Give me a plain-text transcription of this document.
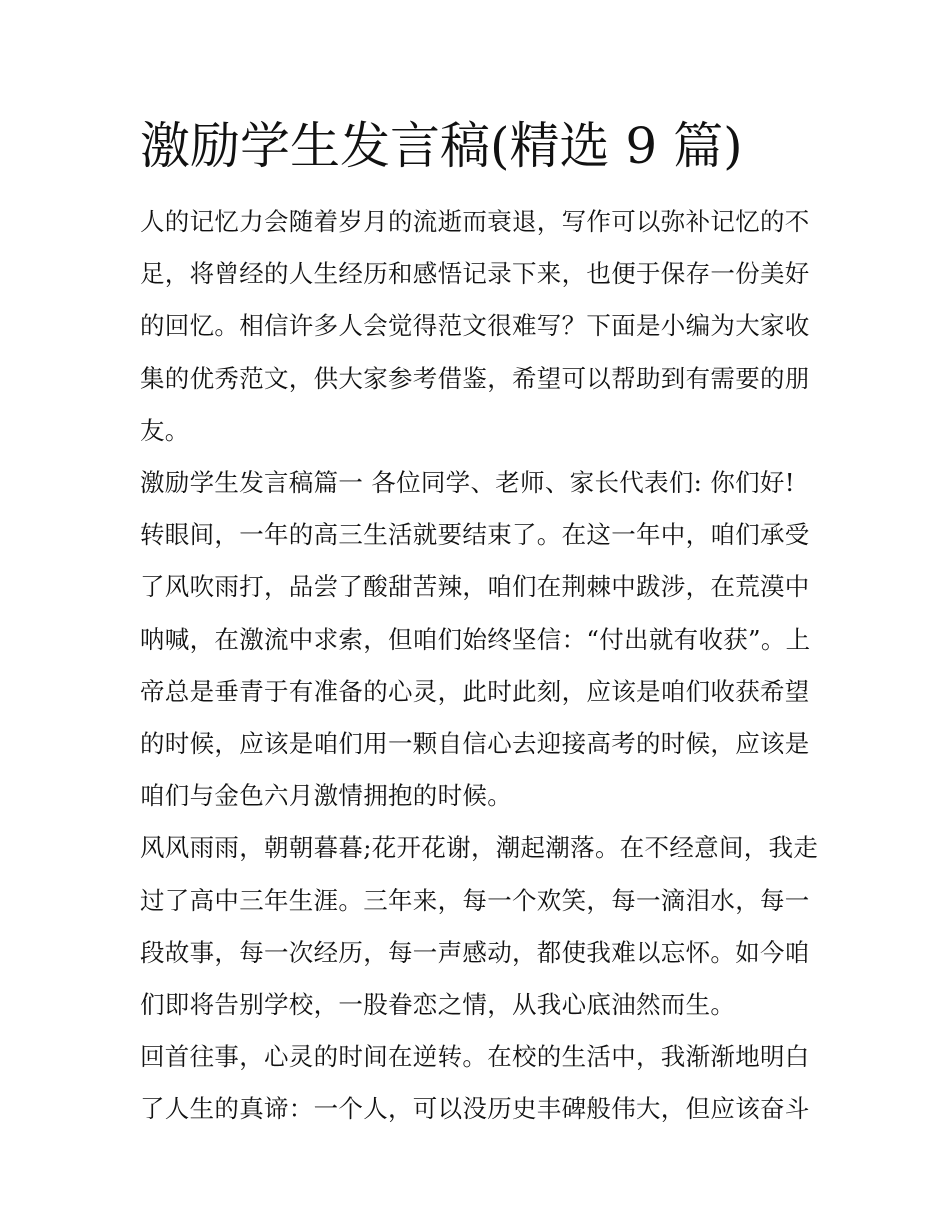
激励学生发言稿(精选 9 篇)

人的记忆力会随着岁月的流逝而衰退，写作可以弥补记忆的不足，将曾经的人生经历和感悟记录下来，也便于保存一份美好的回忆。相信许多人会觉得范文很难写？下面是小编为大家收集的优秀范文，供大家参考借鉴，希望可以帮助到有需要的朋友。

激励学生发言稿篇一 各位同学、老师、家长代表们: 你们好!

转眼间，一年的高三生活就要结束了。在这一年中，咱们承受了风吹雨打，品尝了酸甜苦辣，咱们在荆棘中跋涉，在荒漠中呐喊，在激流中求索，但咱们始终坚信：“付出就有收获”。上帝总是垂青于有准备的心灵，此时此刻，应该是咱们收获希望的时候，应该是咱们用一颗自信心去迎接高考的时候，应该是咱们与金色六月激情拥抱的时候。

风风雨雨，朝朝暮暮;花开花谢，潮起潮落。在不经意间，我走过了高中三年生涯。三年来，每一个欢笑，每一滴泪水，每一段故事，每一次经历，每一声感动，都使我难以忘怀。如今咱们即将告别学校，一股眷恋之情，从我心底油然而生。

回首往事，心灵的时间在逆转。在校的生活中，我渐渐地明白了人生的真谛：一个人，可以没历史丰碑般伟大，但应该奋斗
